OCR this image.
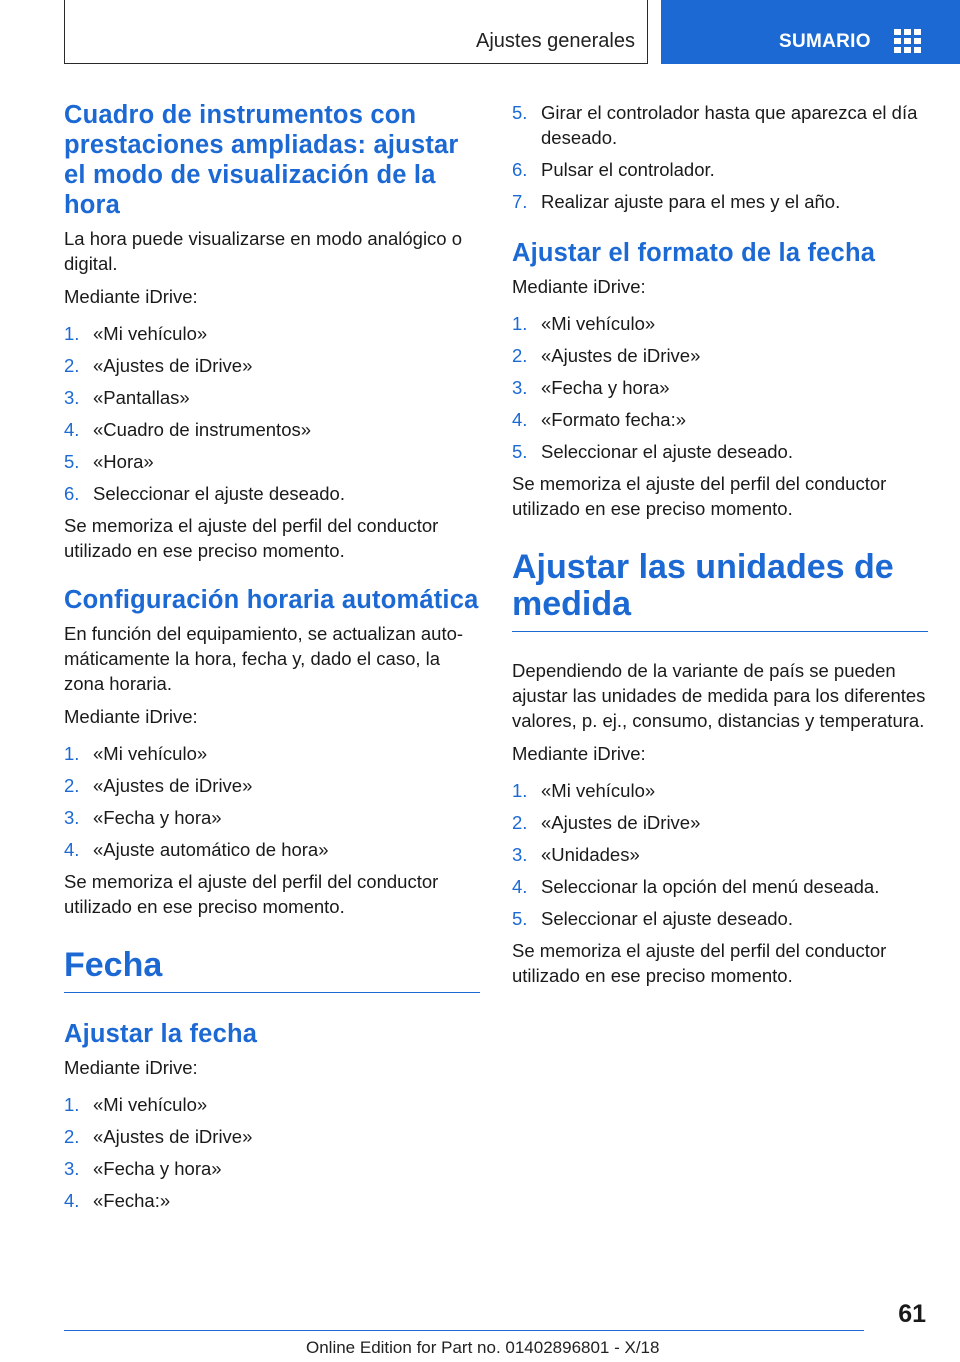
Ajustes generales	SUMARIO
Cuadro de instrumentos con prestaciones ampliadas: ajustar el modo de visualización de la hora

La hora puede visualizarse en modo analógico o digital.

Mediante iDrive:

1. «Mi vehículo»
2. «Ajustes de iDrive»
3. «Pantallas»
4. «Cuadro de instrumentos»
5. «Hora»
6. Seleccionar el ajuste deseado.

Se memoriza el ajuste del perfil del conductor utilizado en ese preciso momento.

Configuración horaria automática

En función del equipamiento, se actualizan automáticamente la hora, fecha y, dado el caso, la zona horaria.

Mediante iDrive:

1. «Mi vehículo»
2. «Ajustes de iDrive»
3. «Fecha y hora»
4. «Ajuste automático de hora»

Se memoriza el ajuste del perfil del conductor utilizado en ese preciso momento.

Fecha
Ajustar la fecha

Mediante iDrive:

1. «Mi vehículo»
2. «Ajustes de iDrive»
3. «Fecha y hora»
4. «Fecha:»
5. Girar el controlador hasta que aparezca el día deseado.
6. Pulsar el controlador.
7. Realizar ajuste para el mes y el año.
Ajustar el formato de la fecha

Mediante iDrive:

1. «Mi vehículo»
2. «Ajustes de iDrive»
3. «Fecha y hora»
4. «Formato fecha:»
5. Seleccionar el ajuste deseado.

Se memoriza el ajuste del perfil del conductor utilizado en ese preciso momento.

Ajustar las unidades de medida

Dependiendo de la variante de país se pueden ajustar las unidades de medida para los diferentes valores, p. ej., consumo, distancias y temperatura.

Mediante iDrive:

1. «Mi vehículo»
2. «Ajustes de iDrive»
3. «Unidades»
4. Seleccionar la opción del menú deseada.
5. Seleccionar el ajuste deseado.

Se memoriza el ajuste del perfil del conductor utilizado en ese preciso momento.

61
Online Edition for Part no. 01402896801 - X/18
